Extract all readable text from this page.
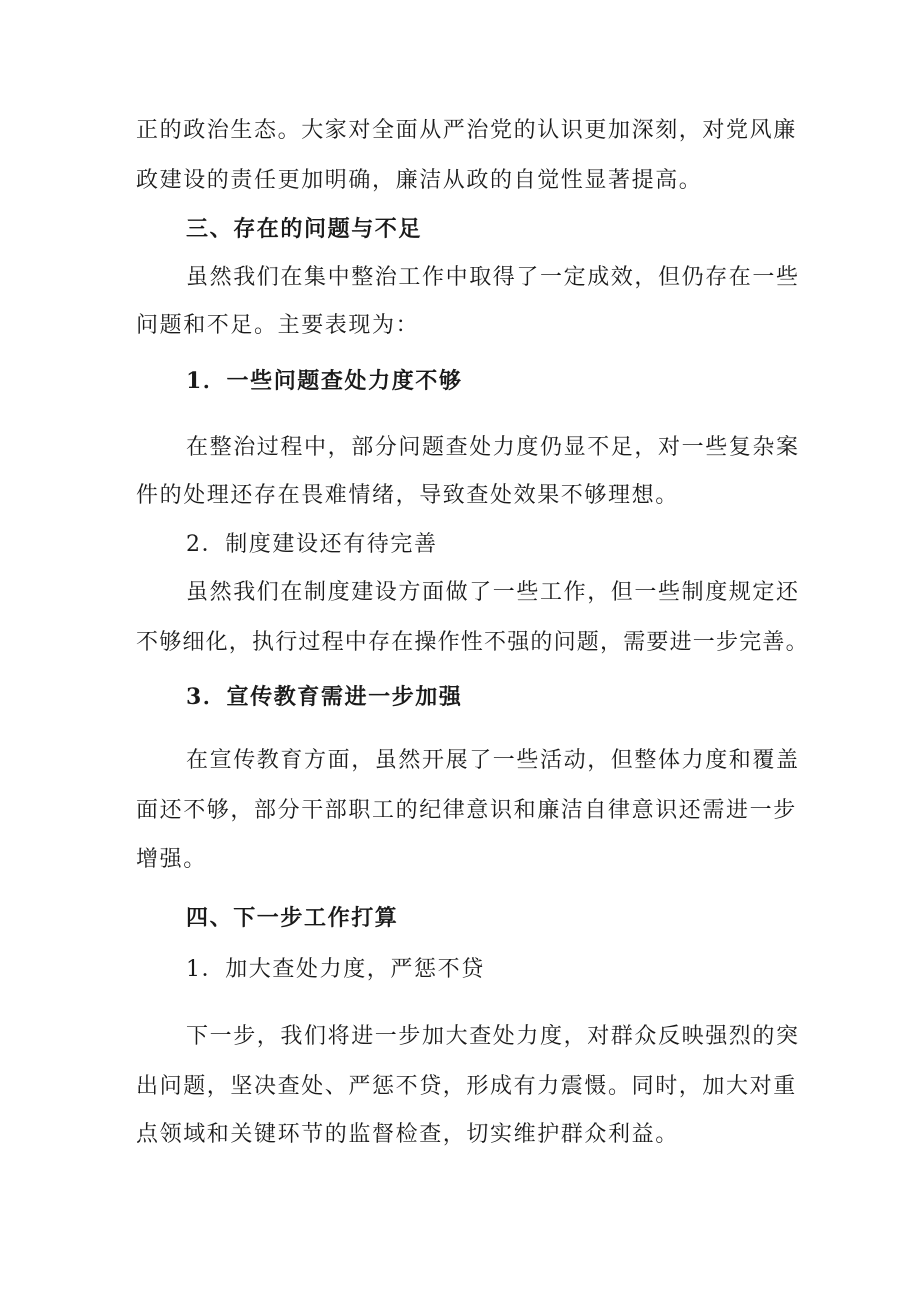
正的政治生态。大家对全面从严治党的认识更加深刻，对党风廉
政建设的责任更加明确，廉洁从政的自觉性显著提高。
三、存在的问题与不足
虽然我们在集中整治工作中取得了一定成效，但仍存在一些
问题和不足。主要表现为：
1．一些问题查处力度不够
在整治过程中，部分问题查处力度仍显不足，对一些复杂案
件的处理还存在畏难情绪，导致查处效果不够理想。
2．制度建设还有待完善
虽然我们在制度建设方面做了一些工作，但一些制度规定还
不够细化，执行过程中存在操作性不强的问题，需要进一步完善。
3．宣传教育需进一步加强
在宣传教育方面，虽然开展了一些活动，但整体力度和覆盖
面还不够，部分干部职工的纪律意识和廉洁自律意识还需进一步
增强。
四、下一步工作打算
1．加大查处力度，严惩不贷
下一步，我们将进一步加大查处力度，对群众反映强烈的突
出问题，坚决查处、严惩不贷，形成有力震慑。同时，加大对重
点领域和关键环节的监督检查，切实维护群众利益。
